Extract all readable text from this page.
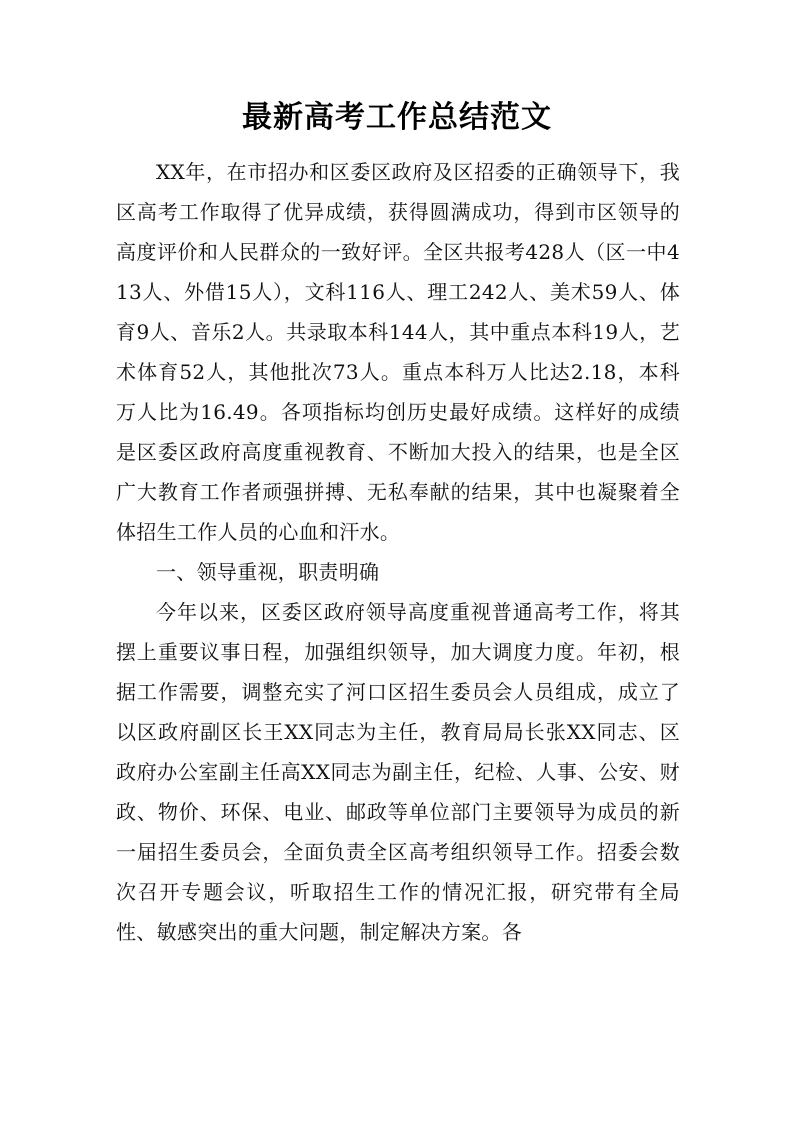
最新高考工作总结范文

XX年，在市招办和区委区政府及区招委的正确领导下，我区高考工作取得了优异成绩，获得圆满成功，得到市区领导的高度评价和人民群众的一致好评。全区共报考428人（区一中413人、外借15人），文科116人、理工242人、美术59人、体育9人、音乐2人。共录取本科144人，其中重点本科19人，艺术体育52人，其他批次73人。重点本科万人比达2.18，本科万人比为16.49。各项指标均创历史最好成绩。这样好的成绩是区委区政府高度重视教育、不断加大投入的结果，也是全区广大教育工作者顽强拼搏、无私奉献的结果，其中也凝聚着全体招生工作人员的心血和汗水。

一、领导重视，职责明确

今年以来，区委区政府领导高度重视普通高考工作，将其摆上重要议事日程，加强组织领导，加大调度力度。年初，根据工作需要，调整充实了河口区招生委员会人员组成，成立了以区政府副区长王XX同志为主任，教育局局长张XX同志、区政府办公室副主任高XX同志为副主任，纪检、人事、公安、财政、物价、环保、电业、邮政等单位部门主要领导为成员的新一届招生委员会，全面负责全区高考组织领导工作。招委会数次召开专题会议，听取招生工作的情况汇报，研究带有全局性、敏感突出的重大问题，制定解决方案。各
